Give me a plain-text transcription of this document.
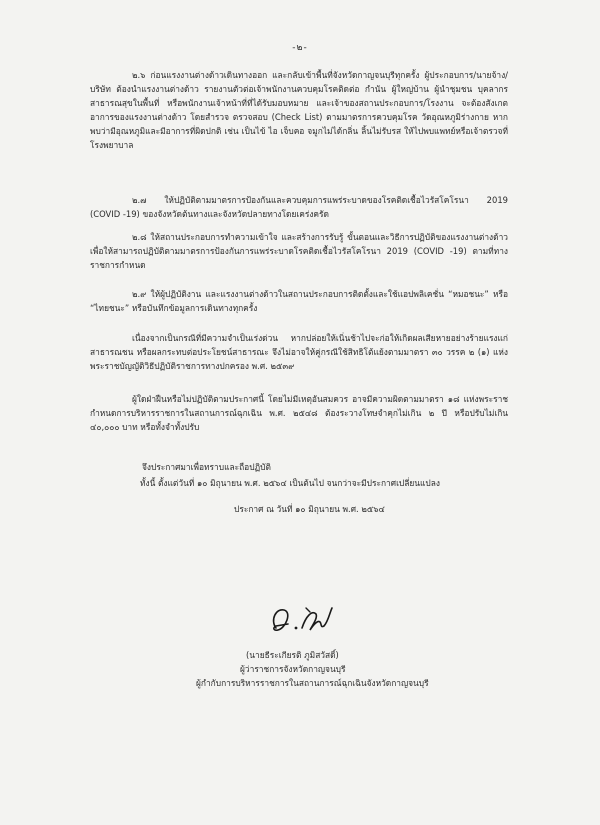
-๒-
๒.๖ ก่อนแรงงานต่างด้าวเดินทางออก และกลับเข้าพื้นที่จังหวัดกาญจนบุรีทุกครั้ง ผู้ประกอบการ/นายจ้าง/บริษัท ต้องนำแรงงานต่างด้าว รายงานตัวต่อเจ้าพนักงานควบคุมโรคติดต่อ กำนัน ผู้ใหญ่บ้าน ผู้นำชุมชน บุคลากรสาธารณสุขในพื้นที่ หรือพนักงานเจ้าหน้าที่ที่ได้รับมอบหมาย และเจ้าของสถานประกอบการ/โรงงาน จะต้องสังเกตอาการของแรงงานต่างด้าว โดยสำรวจ ตรวจสอบ (Check List) ตามมาตรการควบคุมโรค วัดอุณหภูมิร่างกาย หากพบว่ามีอุณหภูมิและมีอาการที่ผิดปกติ เช่น เป็นไข้ ไอ เจ็บคอ จมูกไม่ได้กลิ่น ลิ้นไม่รับรส ให้ไปพบแพทย์หรือเจ้าตรวจที่โรงพยาบาล
๒.๗ ให้ปฏิบัติตามมาตรการป้องกันและควบคุมการแพร่ระบาดของโรคติดเชื้อไวรัสโคโรนา 2019 (COVID -19) ของจังหวัดต้นทางและจังหวัดปลายทางโดยเคร่งครัด
๒.๘ ให้สถานประกอบการทำความเข้าใจ และสร้างการรับรู้ ขั้นตอนและวิธีการปฏิบัติของแรงงานต่างด้าว เพื่อให้สามารถปฏิบัติตามมาตรการป้องกันการแพร่ระบาดโรคติดเชื้อไวรัสโคโรนา 2019 (COVID -19) ตามที่ทางราชการกำหนด
๒.๙ ให้ผู้ปฏิบัติงาน และแรงงานต่างด้าวในสถานประกอบการติดตั้งและใช้แอปพลิเคชั่น “หมอชนะ” หรือ “ไทยชนะ” หรือบันทึกข้อมูลการเดินทางทุกครั้ง
เนื่องจากเป็นกรณีที่มีความจำเป็นเร่งด่วน หากปล่อยให้เนิ่นช้าไปจะก่อให้เกิดผลเสียหายอย่างร้ายแรงแก่สาธารณชน หรือผลกระทบต่อประโยชน์สาธารณะ จึงไม่อาจให้คู่กรณีใช้สิทธิโต้แย้งตามมาตรา ๓๐ วรรค ๒ (๑) แห่งพระราชบัญญัติวิธีปฏิบัติราชการทางปกครอง พ.ศ. ๒๕๓๙
ผู้ใดฝ่าฝืนหรือไม่ปฏิบัติตามประกาศนี้ โดยไม่มีเหตุอันสมควร อาจมีความผิดตามมาตรา ๑๘ แห่งพระราชกำหนดการบริหารราชการในสถานการณ์ฉุกเฉิน พ.ศ. ๒๕๔๘ ต้องระวางโทษจำคุกไม่เกิน ๒ ปี หรือปรับไม่เกิน ๔๐,๐๐๐ บาท หรือทั้งจำทั้งปรับ
จึงประกาศมาเพื่อทราบและถือปฏิบัติ
ทั้งนี้ ตั้งแต่วันที่ ๑๐ มิถุนายน พ.ศ. ๒๕๖๔ เป็นต้นไป จนกว่าจะมีประกาศเปลี่ยนแปลง
ประกาศ ณ วันที่ ๑๐ มิถุนายน พ.ศ. ๒๕๖๔
(นายธีระเกียรติ ภูมิสวัสดิ์)
ผู้ว่าราชการจังหวัดกาญจนบุรี
ผู้กำกับการบริหารราชการในสถานการณ์ฉุกเฉินจังหวัดกาญจนบุรี
